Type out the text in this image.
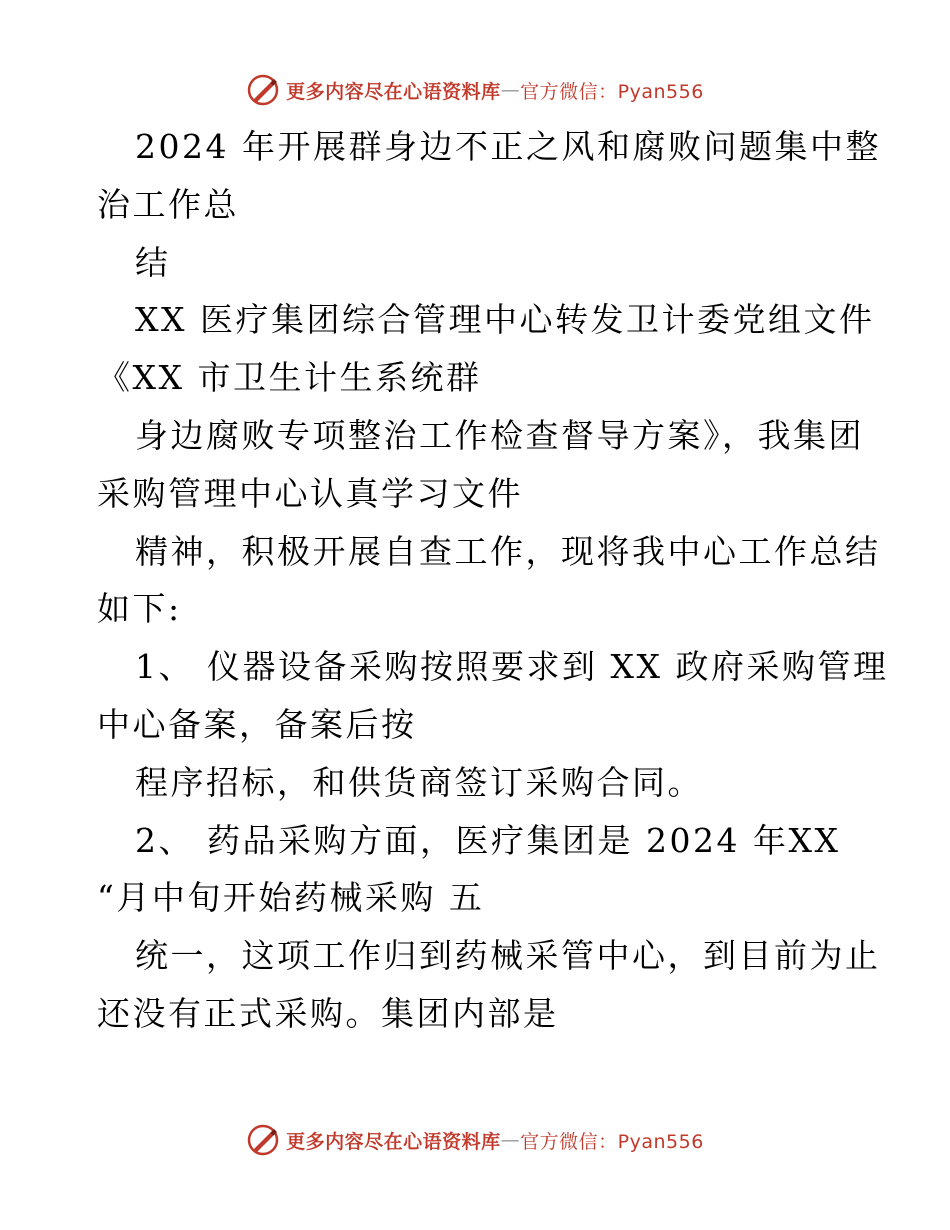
更多内容尽在心语资料库 — 官方微信：Pyan556
2024 年开展群身边不正之风和腐败问题集中整
治工作总
结
XX 医疗集团综合管理中心转发卫计委党组文件
《XX 市卫生计生系统群
身边腐败专项整治工作检查督导方案》，我集团
采购管理中心认真学习文件
精神，积极开展自查工作，现将我中心工作总结
如下:
1、 仪器设备采购按照要求到 XX 政府采购管理
中心备案，备案后按
程序招标，和供货商签订采购合同。
2、 药品采购方面，医疗集团是 2024 年XX
“月中旬开始药械采购 五
统一，这项工作归到药械采管中心，到目前为止
还没有正式采购。集团内部是
更多内容尽在心语资料库 — 官方微信：Pyan556
